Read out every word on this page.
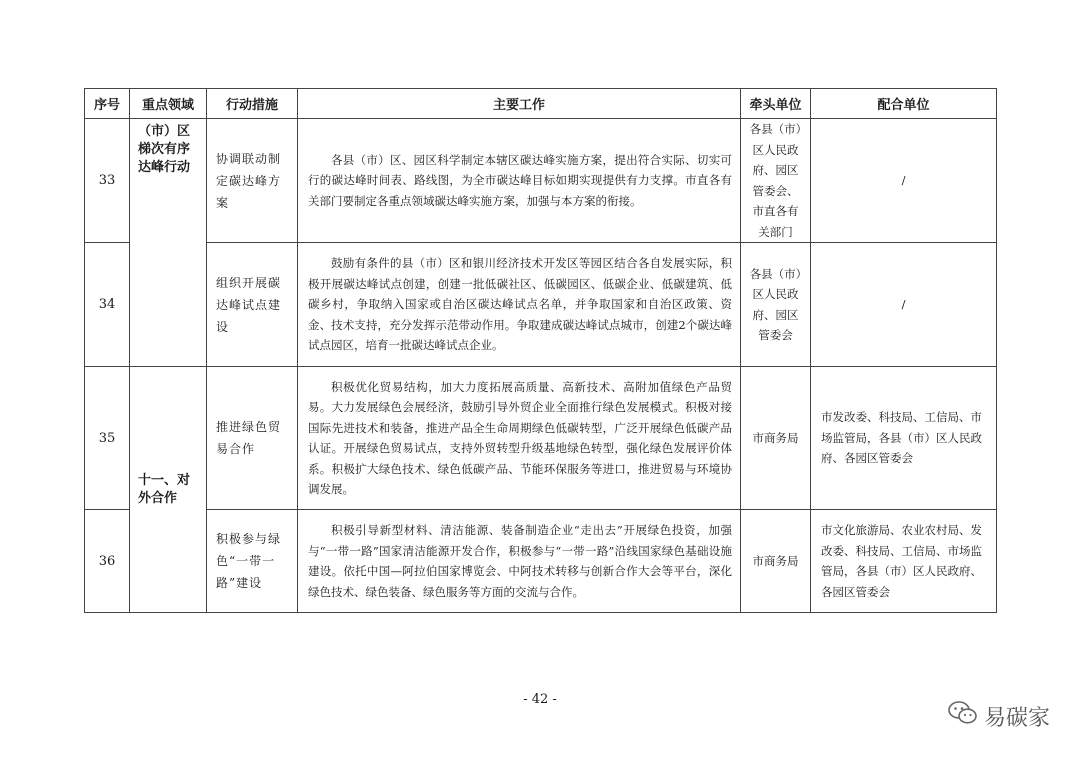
序号	重点领域	行动措施	主要工作	牵头单位	配合单位
33	（市）区梯次有序达峰行动	协调联动制定碳达峰方案	各县（市）区、园区科学制定本辖区碳达峰实施方案，提出符合实际、切实可行的碳达峰时间表、路线图，为全市碳达峰目标如期实现提供有力支撑。市直各有关部门要制定各重点领域碳达峰实施方案，加强与本方案的衔接。	各县（市）区人民政府、园区管委会、市直各有关部门	/
34		组织开展碳达峰试点建设	鼓励有条件的县（市）区和银川经济技术开发区等园区结合各自发展实际，积极开展碳达峰试点创建，创建一批低碳社区、低碳园区、低碳企业、低碳建筑、低碳乡村，争取纳入国家或自治区碳达峰试点名单，并争取国家和自治区政策、资金、技术支持，充分发挥示范带动作用。争取建成碳达峰试点城市，创建2个碳达峰试点园区，培育一批碳达峰试点企业。	各县（市）区人民政府、园区管委会	/
35	十一、对外合作	推进绿色贸易合作	积极优化贸易结构，加大力度拓展高质量、高新技术、高附加值绿色产品贸易。大力发展绿色会展经济，鼓励引导外贸企业全面推行绿色发展模式。积极对接国际先进技术和装备，推进产品全生命周期绿色低碳转型，广泛开展绿色低碳产品认证。开展绿色贸易试点，支持外贸转型升级基地绿色转型，强化绿色发展评价体系。积极扩大绿色技术、绿色低碳产品、节能环保服务等进口，推进贸易与环境协调发展。	市商务局	市发改委、科技局、工信局、市场监管局，各县（市）区人民政府、各园区管委会
36		积极参与绿色“一带一路”建设	积极引导新型材料、清洁能源、装备制造企业“走出去”开展绿色投资，加强与“一带一路”国家清洁能源开发合作，积极参与“一带一路”沿线国家绿色基础设施建设。依托中国—阿拉伯国家博览会、中阿技术转移与创新合作大会等平台，深化绿色技术、绿色装备、绿色服务等方面的交流与合作。	市商务局	市文化旅游局、农业农村局、发改委、科技局、工信局、市场监管局，各县（市）区人民政府、各园区管委会
- 42 -
易碳家
